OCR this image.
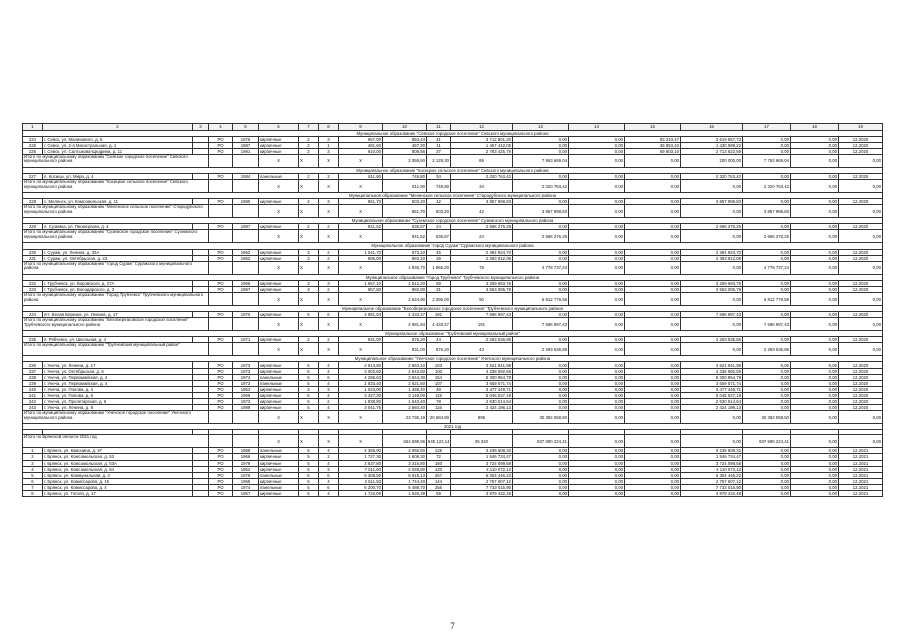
1	2	3	4	5	6	7	8	9	10	11	12	13	14	15	16	17	18	19	
Муниципальное образование "Севское городское поселение" Севского муниципального района																			
224	г. Севск, ул. Малинового, д. 6		РО	1976	кирпичные	2	3	967,00	853,44	41	3 712 801,20	0,00	0,00	93 243,47	3 619 557,73	0,00	0,00	12.2020	
225	г. Севск, ул. 2-я Магистральная, д. 1		РО	1987	кирпичные	2	1	481,60	467,30	11	1 467 442,05	0,00	0,00	36 853,43	1 430 589,22	0,00	0,00	12.2020	
226	г. Севск, ул. Салтыкова-Щедрина, д. 11		РО	1981	кирпичные	2	3	910,00	808,56	37	2 783 425,79	0,00	0,00	69 803,10	2 713 622,69	0,00	0,00	12.2020	
Итого по муниципальному образованию "Севское городское поселение" Севского муниципального района					X	X	X	X	2 358,60	2 129,30	89	7 963 669,04	0,00	0,00	200 000,00	7 763 669,04	0,00	0,00	
Муниципальное образование "Косицкое сельское поселение" Севского муниципального района																			
227	п. Косицы, ул. Мира, д. 4		РО	1984	панельные	2	2	811,90	749,80	34	2 320 763,42	0,00	0,00	0,00	2 320 763,42	0,00	0,00	12.2020	
Итого по муниципальному образованию "Косицкое сельское поселение" Севского муниципального района					X	X	X	X	811,90	749,80	34	2 320 763,42	0,00	0,00	0,00	2 320 763,42	0,00	0,00	
Муниципальное образование "Меленское сельское поселение" Стародубского муниципального района																			
228	с. Меленск, ул. Комсомольская, д. 11		РО	1980	кирпичные	2	3	861,70	503,20	42	3 857 998,83	0,00	0,00	0,00	3 857 998,83	0,00	0,00	12.2020	
Итого по муниципальному образованию "Меленское сельское поселение" Стародубского муниципального района					X	X	X	X	861,70	503,20	42	3 857 998,83	0,00	0,00	0,00	3 857 998,83	0,00	0,00	
Муниципальное образование "Суземское городское поселение" Суземского муниципального района																			
229	п. Суземка, ул. Пионерская, д. 4		РО	1987	кирпичные	2	2	941,52	635,87	24	2 666 276,25	0,00	0,00	0,00	2 666 276,25	0,00	0,00	12.2020	
Итого по муниципальному образованию "Суземское городское поселение" Суземского муниципального района					X	X	X	X	941,52	635,87	24	2 666 276,25	0,00	0,00	0,00	2 666 276,25	0,00	0,00	
Муниципальное образование "город Сураж" Суражского муниципального района																			
230	г. Сураж, ул. Ленина, д. 32А		РО	1962	кирпичные	3	2	1 041,70	973,10	45	2 384 924,70	0,00	0,00	0,00	2 384 924,70	0,00	0,00	12.2020	
231	г. Сураж, ул. Октябрьская, д. 23		РО	1962	кирпичные	3	2	895,00	893,10	29	2 393 812,06	0,00	0,00	0,00	2 393 812,06	0,00	0,00	12.2020	
Итого по муниципальному образованию "город Сураж" Суражского муниципального района					X	X	X	X	1 936,70	1 866,20	79	4 778 737,24	0,00	0,00	0,00	4 778 737,24	0,00	0,00	
Муниципальное образование "Город Трубчевск" Трубчевского муниципального района																			
232	г. Трубчевск, ул. Воровского, д. 27А		РО	1966	кирпичные	3	3	1 657,10	1 512,20	59	3 259 693,76	0,00	0,00	0,00	3 259 693,76	0,00	0,00	12.2020	
233	г. Трубчевск, ул. Володарского, д. 3		РО	1967	кирпичные	3	2	967,80	882,80	31	3 553 085,79	0,00	0,00	0,00	3 553 085,79	0,00	0,00	12.2020	
Итого по муниципальному образованию "Город Трубчевск" Трубчевского муниципального района					X	X	X	X	2 624,90	2 395,00	90	6 812 779,55	0,00	0,00	0,00	6 812 779,55	0,00	0,00	
Муниципальное образование "Белоберезковское городское поселение" Трубчевского муниципального района																			
234	пгт. Белая Березка, ул. Ленина, д. 17		РО	1970	кирпичные	5	6	4 981,94	4 433,47	191	7 696 997,43	0,00	0,00	0,00	7 696 997,43	0,00	0,00	12.2020	
Итого по муниципальному образованию "Белоберезковское городское поселение" Трубчевского муниципального района					X	X	X	X	4 981,94	4 433,47	191	7 696 997,43	0,00	0,00	0,00	7 696 997,43	0,00	0,00	
Муниципальное образование "Трубчевский муниципальный район"																			
235	п. Рябчевск, ул. Школьная, д. 4		РО	1971	кирпичные	2	2	931,00	876,20	44	2 293 536,86	0,00	0,00	0,00	2 293 536,86	0,00	0,00	12.2020	
Итого по муниципальному образованию "Трубчевский муниципальный район"					X	X	X	X	931,00	876,20	44	2 293 536,86	0,00	0,00	0,00	2 293 536,86	0,00	0,00	
Муниципальное образование "Унечское городское поселение" Унечского муниципального района																			
236	г. Унеча, ул. Ленина, д. 17		РО	1973	кирпичные	5	4	2 913,80	2 663,10	103	3 521 941,98	0,00	0,00	0,00	3 521 941,98	0,00	0,00	12.2020	
237	г. Унеча, ул. Октябрьская, д. 6		РО	1973	кирпичные	5	4	3 003,60	2 643,60	100	4 338 692,56	0,00	0,00	0,00	4 338 692,56	0,00	0,00	12.2020	
238	г. Унеча, ул. Первомайская, д. 2		РО	1974	панельные	5	6	4 286,63	3 844,30	154	5 300 854,79	0,00	0,00	0,00	5 300 854,79	0,00	0,00	12.2020	
239	г. Унеча, ул. Первомайская, д. 4		РО	1972	панельные	5	4	2 833,40	2 621,60	107	3 659 571,74	0,00	0,00	0,00	3 659 571,74	0,00	0,00	12.2020	
240	г. Унеча, ул. Попова, д. 4		РО	1963	кирпичные	3	3	1 023,00	1 469,40	48	3 477 449,71	0,00	0,00	0,00	3 477 449,71	0,00	0,00	12.2020	
241	г. Унеча, ул. Попова, д. 6		РО	1969	кирпичные	5	4	3 427,30	3 149,00	119	5 045 537,19	0,00	0,00	0,00	5 045 537,19	0,00	0,00	12.2020	
242	г. Унеча, ул. Пролетарская, д. 6		РО	1973	кирпичные	5	2	1 938,80	1 642,40	78	2 630 514,54	0,00	0,00	0,00	2 630 514,54	0,00	0,00	12.2020	
243	г. Унеча, ул. Ленина, д. 9		РО	1989	кирпичные	5	4	3 041,76	2 584,40	116	2 424 196,13	0,00	0,00	0,00	2 424 196,13	0,00	0,00	12.2020	
Итого по муниципальному образованию "Унечское городское поселение" Унечского муниципального района					X	X	X	X	23 736,19	20 684,80	895	30 392 558,50	0,00	0,00	0,00	30 392 558,50	0,00	0,00	
2021 год																			

Итого по Брянской области 2021 год					X	X	X	X	654 598,96	545 122,14	25 340	837 690 224,41	0,00	0,00	0,00	837 690 224,41	0,00	0,00	
1	г. Брянск, ул. Камозина, д. 37		РО	1968	панельные	5	4	2 365,90	2 066,80	129	3 235 608,32	0,00	0,00	0,00	3 235 608,32	0,00	0,00	12.2021	
2	г. Брянск, ул. Комсомольская, д. 53		РО	1966	кирпичные	5	2	1 727,30	1 608,30	72	1 546 734,47	0,00	0,00	0,00	1 546 734,47	0,00	0,00	12.2021	
3	г. Брянск, ул. Комсомольская, д. 53А		РО	1979	кирпичные	5	4	3 637,80	3 316,80	160	3 724 098,58	0,00	0,00	0,00	3 724 098,58	0,00	0,00	12.2021	
4	г. Брянск, ул. Комсомольская, д. 84		РО	1962	кирпичные	5	3	7 011,60	4 028,80	120	4 110 072,12	0,00	0,00	0,00	4 110 072,12	0,00	0,00	12.2021	
5	г. Брянск, ул. Коммунальная, д. 2		РО	1978	панельные	5	6	6 308,90	5 918,13	267	6 304 446,22	0,00	0,00	0,00	6 304 446,22	0,00	0,00	12.2021	
6	г. Брянск, ул. Комиссарова, д. 15		РО	1965	кирпичные	5	4	2 511,50	1 744,40	144	2 767 607,12	0,00	0,00	0,00	2 767 607,12	0,00	0,00	12.2021	
7	г. Брянск, ул. Комиссарова, д. 4		РО	1974	панельные	5	6	6 200,70	5 488,70	256	7 733 015,90	0,00	0,00	0,00	7 733 015,90	0,00	0,00	12.2021	
8	г. Брянск, ул. Гоголя, д. 17		РО	1957	кирпичные	5	4	1 722,09	1 526,39	59	3 979 432,48	0,00	0,00	0,00	3 979 432,48	0,00	0,00	12.2021	
7
